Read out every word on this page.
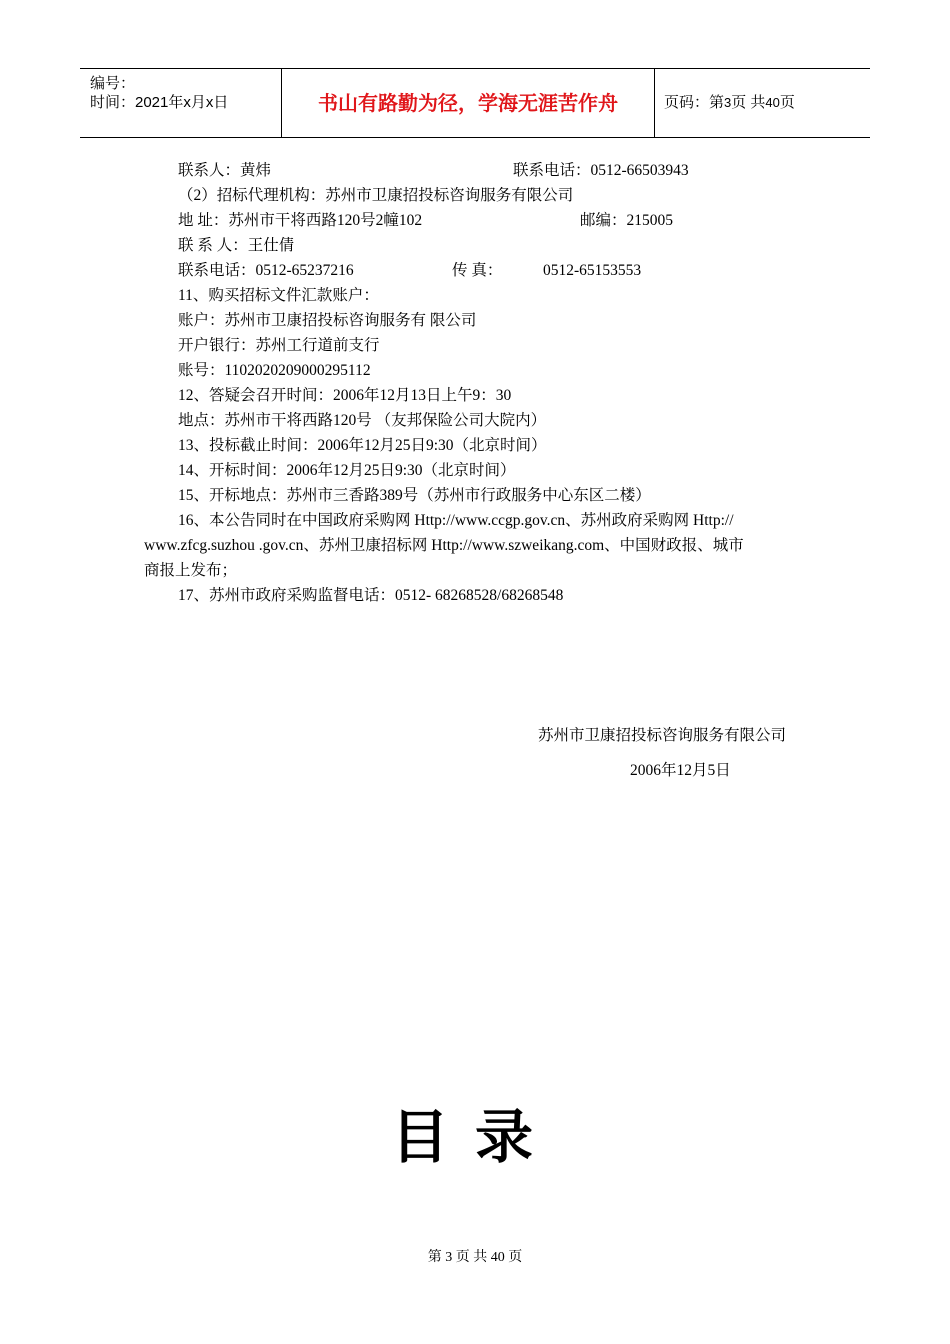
编号：
时间：2021年x月x日	书山有路勤为径，学海无涯苦作舟	页码：第3页 共40页
联系人：黄炜	联系电话：0512-66503943
（2）招标代理机构：苏州市卫康招投标咨询服务有限公司
地 址：苏州市干将西路120号2幢102	邮编：215005
联 系 人：王仕倩
联系电话：0512-65237216	传 真：	0512-65153553
11、购买招标文件汇款账户：
账户：苏州市卫康招投标咨询服务有 限公司
开户银行：苏州工行道前支行
账号：1102020209000295112
12、答疑会召开时间：2006年12月13日上午9：30
地点：苏州市干将西路120号 （友邦保险公司大院内）
13、投标截止时间：2006年12月25日9:30（北京时间）
14、开标时间：2006年12月25日9:30（北京时间）
15、开标地点：苏州市三香路389号（苏州市行政服务中心东区二楼）
16、本公告同时在中国政府采购网 Http://www.ccgp.gov.cn、苏州政府采购网 Http://
www.zfcg.suzhou .gov.cn、苏州卫康招标网 Http://www.szweikang.com、中国财政报、城市
商报上发布；
17、苏州市政府采购监督电话：0512- 68268528/68268548
苏州市卫康招投标咨询服务有限公司
2006年12月5日
目录
第 3 页 共 40 页
